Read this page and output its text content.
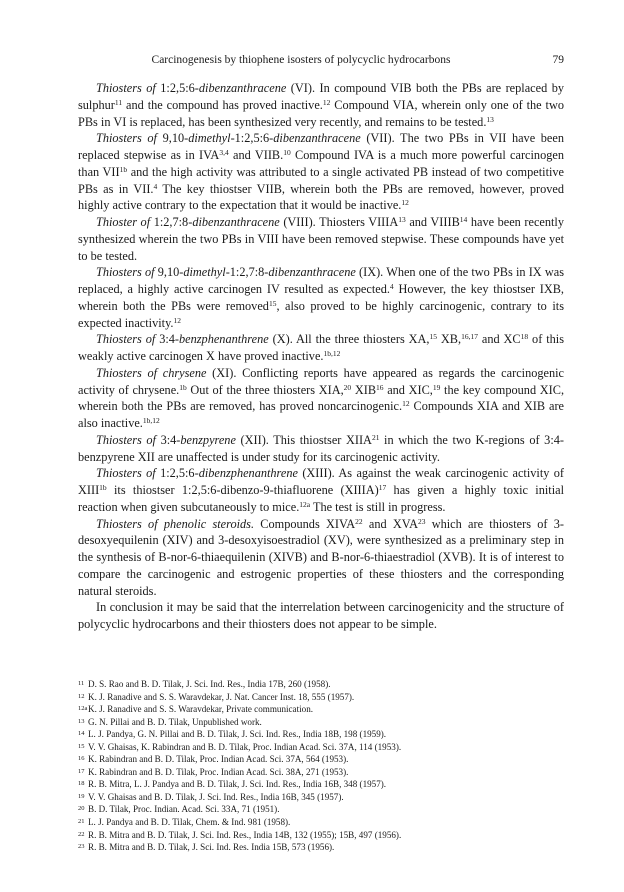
Carcinogenesis by thiophene isosters of polycyclic hydrocarbons	79

Thiosters of 1:2,5:6-dibenzanthracene (VI). In compound VIB both the PBs are replaced by sulphur$^{11}$ and the compound has proved inactive.$^{12}$ Compound VIA, wherein only one of the two PBs in VI is replaced, has been synthesized very recently, and remains to be tested.$^{13}$

Thiosters of 9,10-dimethyl-1:2,5:6-dibenzanthracene (VII). The two PBs in VII have been replaced stepwise as in IVA$^{3,4}$ and VIIB.$^{10}$ Compound IVA is a much more powerful carcinogen than $VII^{1b}$ and the high activity was attributed to a single activated PB instead of two competitive PBs as in VII.$^4$ The key thiostser VIIB, wherein both the PBs are removed, however, proved highly active contrary to the expectation that it would be inactive.$^{12}$

Thioster of 1:2,7:8-dibenzanthracene (VIII). Thiosters VIIIA$^{13}$ and VIIIB$^{14}$ have been recently synthesized wherein the two PBs in VIII have been removed stepwise. These compounds have yet to be tested.

Thiosters of 9,10-dimethyl-1:2,7:8-dibenzanthracene (IX). When one of the two PBs in IX was replaced, a highly active carcinogen IV resulted as expected.$^4$ However, the key thiostser IXB, wherein both the PBs were removed$^{15}$, also proved to be highly carcinogenic, contrary to its expected inactivity.$^{12}$

Thiosters of 3:4-benzphenanthrene (X). All the three thiosters XA,$^{15}$ XB,$^{16,17}$ and XC$^{18}$ of this weakly active carcinogen X have proved inactive.$^{1b,12}$

Thiosters of chrysene (XI). Conflicting reports have appeared as regards the carcinogenic activity of chrysene.$^{1b}$ Out of the three thiosters XIA,$^{20}$ XIB$^{16}$ and XIC,$^{19}$ the key compound XIC, wherein both the PBs are removed, has proved noncarcinogenic.$^{12}$ Compounds XIA and XIB are also inactive.$^{1b,12}$

Thiosters of 3:4-benzpyrene (XII). This thiostser XIIA$^{21}$ in which the two K-regions of 3:4-benzpyrene XII are unaffected is under study for its carcinogenic activity.

Thiosters of 1:2,5:6-dibenzphenanthrene (XIII). As against the weak carcinogenic activity of $XIII^{1b}$ its thiostser 1:2,5:6-dibenzo-9-thiafluorene (XIIIA)$^{17}$ has given a highly toxic initial reaction when given subcutaneously to mice.$^{12a}$ The test is still in progress.

Thiosters of phenolic steroids. Compounds XIVA$^{22}$ and XVA$^{23}$ which are thiosters of 3-desoxyequilenin (XIV) and 3-desoxyisoestradiol (XV), were synthesized as a preliminary step in the synthesis of B-nor-6-thiaequilenin (XIVB) and B-nor-6-thiaestradiol (XVB). It is of interest to compare the carcinogenic and estrogenic properties of these thiosters and the corresponding natural steroids.

In conclusion it may be said that the interrelation between carcinogenicity and the structure of polycyclic hydrocarbons and their thiosters does not appear to be simple.

11 D. S. Rao and B. D. Tilak, J. Sci. Ind. Res., India 17B, 260 (1958).

12 K. J. Ranadive and S. S. Waravdekar, J. Nat. Cancer Inst. 18, 555 (1957).

12aK. J. Ranadive and S. S. Waravdekar, Private communication.

13 G. N. Pillai and B. D. Tilak, Unpublished work.

14 L. J. Pandya, G. N. Pillai and B. D. Tilak, J. Sci. Ind. Res., India 18B, 198 (1959).

15 V. V. Ghaisas, K. Rabindran and B. D. Tilak, Proc. Indian Acad. Sci. 37A, 114 (1953).

16 K. Rabindran and B. D. Tilak, Proc. Indian Acad. Sci. 37A, 564 (1953).

17 K. Rabindran and B. D. Tilak, Proc. Indian Acad. Sci. 38A, 271 (1953).

18 R. B. Mitra, L. J. Pandya and B. D. Tilak, J. Sci. Ind. Res., India 16B, 348 (1957).

19 V. V. Ghaisas and B. D. Tilak, J. Sci. Ind. Res., India 16B, 345 (1957).

20 B. D. Tilak, Proc. Indian. Acad. Sci. 33A, 71 (1951).

21 L. J. Pandya and B. D. Tilak, Chem. & Ind. 981 (1958).

22 R. B. Mitra and B. D. Tilak, J. Sci. Ind. Res., India 14B, 132 (1955); 15B, 497 (1956).

23 R. B. Mitra and B. D. Tilak, J. Sci. Ind. Res. India 15B, 573 (1956).
